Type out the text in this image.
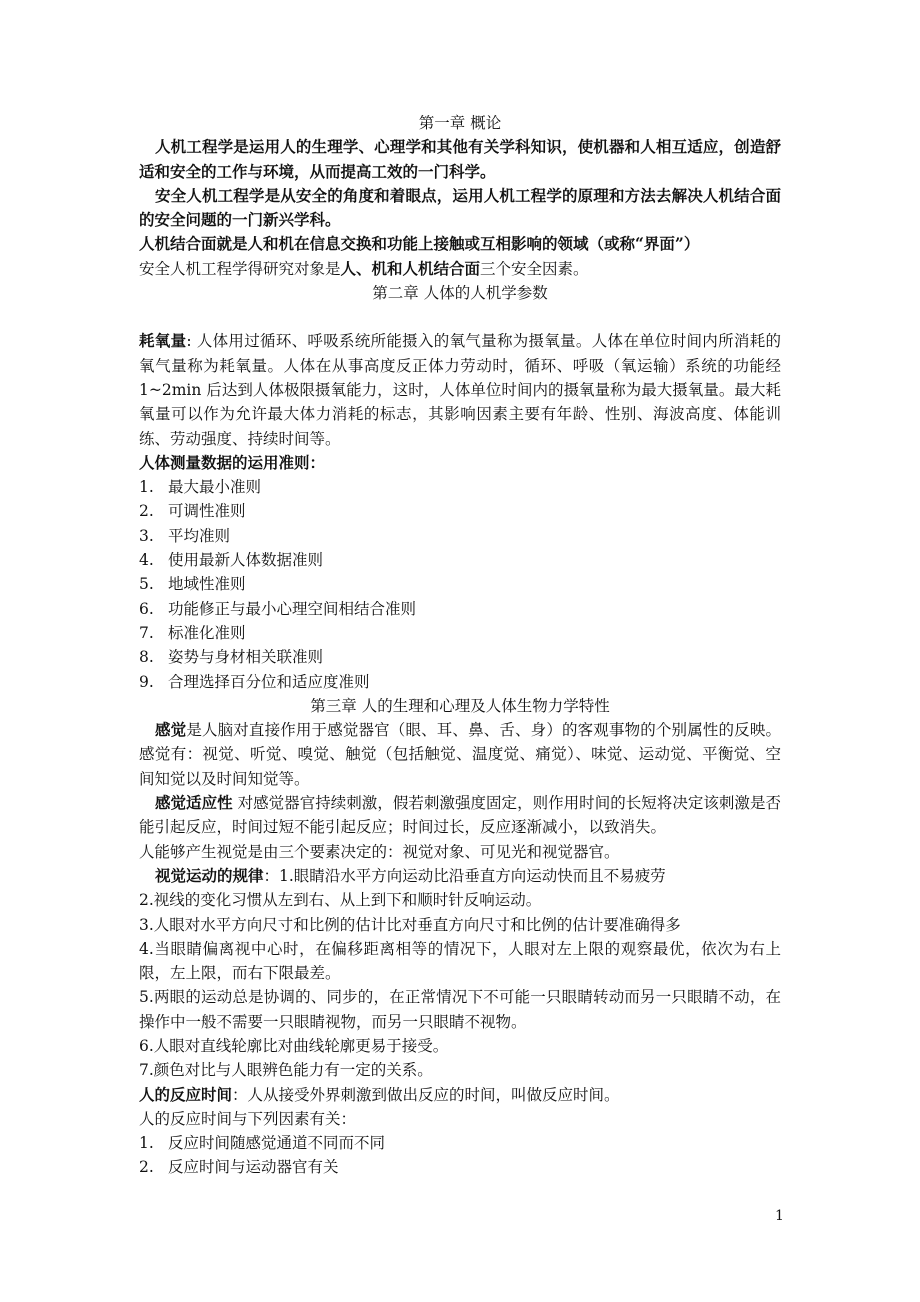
第一章 概论

人机工程学是运用人的生理学、心理学和其他有关学科知识，使机器和人相互适应，创造舒适和安全的工作与环境，从而提高工效的一门科学。

安全人机工程学是从安全的角度和着眼点，运用人机工程学的原理和方法去解决人机结合面的安全问题的一门新兴学科。

人机结合面就是人和机在信息交换和功能上接触或互相影响的领域（或称“界面”）

安全人机工程学得研究对象是人、机和人机结合面三个安全因素。

第二章 人体的人机学参数

耗氧量: 人体用过循环、呼吸系统所能摄入的氧气量称为摄氧量。人体在单位时间内所消耗的氧气量称为耗氧量。人体在从事高度反正体力劳动时，循环、呼吸（氧运输）系统的功能经 1~2min 后达到人体极限摄氧能力，这时，人体单位时间内的摄氧量称为最大摄氧量。最大耗氧量可以作为允许最大体力消耗的标志，其影响因素主要有年龄、性别、海波高度、体能训练、劳动强度、持续时间等。

人体测量数据的运用准则：

1. 最大最小准则
2. 可调性准则
3. 平均准则
4. 使用最新人体数据准则
5. 地域性准则
6. 功能修正与最小心理空间相结合准则
7. 标准化准则
8. 姿势与身材相关联准则
9. 合理选择百分位和适应度准则

第三章 人的生理和心理及人体生物力学特性

感觉是人脑对直接作用于感觉器官（眼、耳、鼻、舌、身）的客观事物的个别属性的反映。感觉有：视觉、听觉、嗅觉、触觉（包括触觉、温度觉、痛觉）、味觉、运动觉、平衡觉、空间知觉以及时间知觉等。

感觉适应性 对感觉器官持续刺激，假若刺激强度固定，则作用时间的长短将决定该刺激是否能引起反应，时间过短不能引起反应；时间过长，反应逐渐减小，以致消失。

人能够产生视觉是由三个要素决定的：视觉对象、可见光和视觉器官。

视觉运动的规律：1.眼睛沿水平方向运动比沿垂直方向运动快而且不易疲劳

2.视线的变化习惯从左到右、从上到下和顺时针反响运动。

3.人眼对水平方向尺寸和比例的估计比对垂直方向尺寸和比例的估计要准确得多

4.当眼睛偏离视中心时，在偏移距离相等的情况下，人眼对左上限的观察最优，依次为右上限，左上限，而右下限最差。

5.两眼的运动总是协调的、同步的，在正常情况下不可能一只眼睛转动而另一只眼睛不动，在操作中一般不需要一只眼睛视物，而另一只眼睛不视物。

6.人眼对直线轮廓比对曲线轮廓更易于接受。

7.颜色对比与人眼辨色能力有一定的关系。

人的反应时间：人从接受外界刺激到做出反应的时间，叫做反应时间。

人的反应时间与下列因素有关：

1. 反应时间随感觉通道不同而不同
2. 反应时间与运动器官有关
1
